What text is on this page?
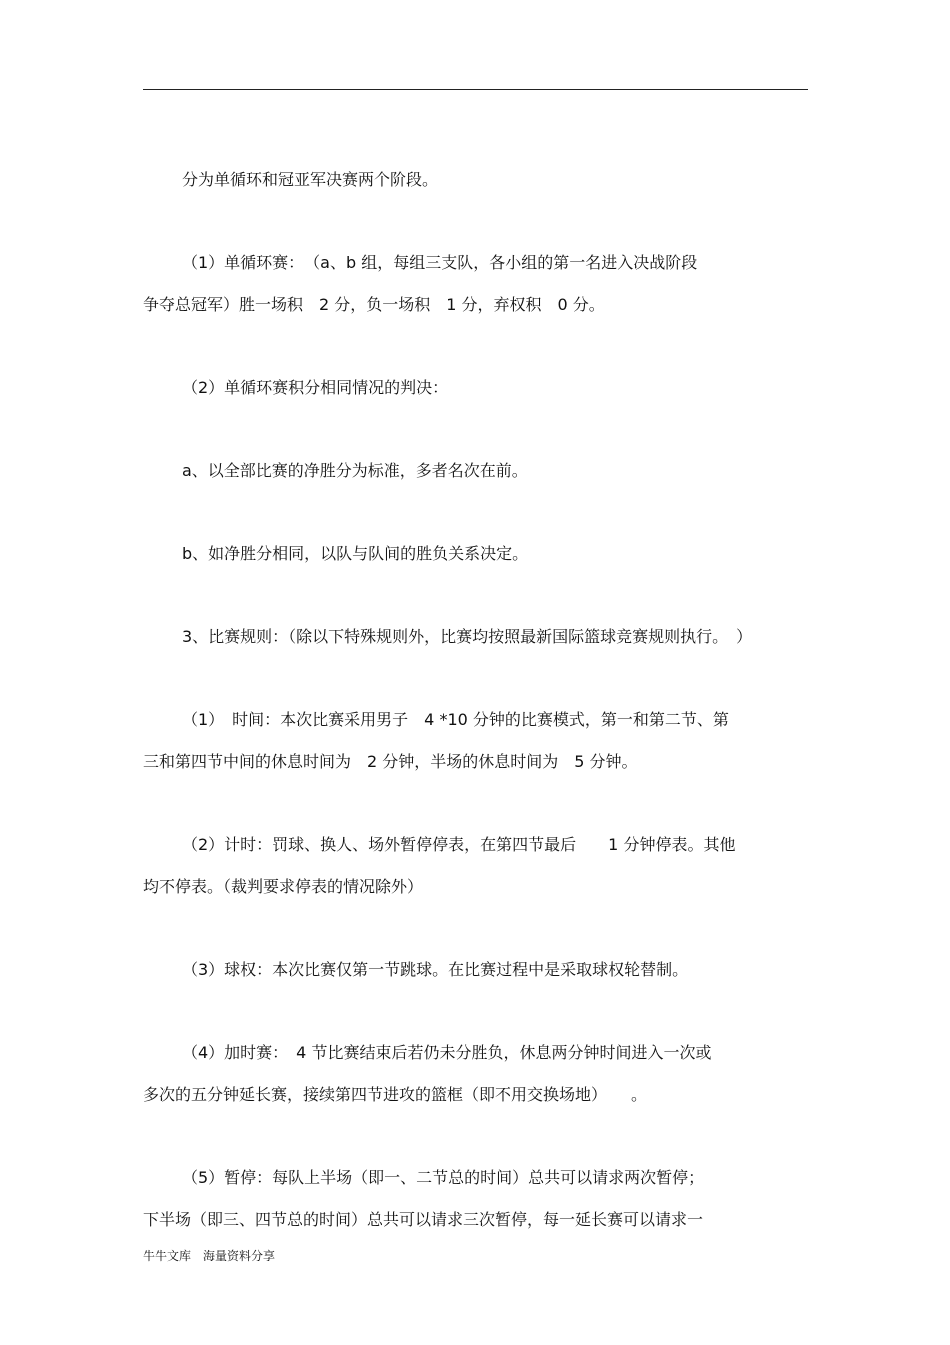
分为单循环和冠亚军决赛两个阶段。
（1）单循环赛：　（a、b 组，每组三支队，各小组的第一名进入决战阶段
争夺总冠军）胜一场积　2 分，负一场积　1 分，弃权积　0 分。
（2）单循环赛积分相同情况的判决：
a、以全部比赛的净胜分为标准，多者名次在前。
b、如净胜分相同，以队与队间的胜负关系决定。
3、比赛规则：（除以下特殊规则外，比赛均按照最新国际篮球竞赛规则执行。　）
（1）　时间：本次比赛采用男子　4 *10 分钟的比赛模式，第一和第二节、第
三和第四节中间的休息时间为　2 分钟，半场的休息时间为　5 分钟。
（2）计时：罚球、换人、场外暂停停表，在第四节最后　　1 分钟停表。其他
均不停表。（裁判要求停表的情况除外）
（3）球权：本次比赛仅第一节跳球。在比赛过程中是采取球权轮替制。
（4）加时赛：　4 节比赛结束后若仍未分胜负，休息两分钟时间进入一次或
多次的五分钟延长赛，接续第四节进攻的篮框（即不用交换场地）　　。
（5）暂停：每队上半场（即一、二节总的时间）总共可以请求两次暂停；
下半场（即三、四节总的时间）总共可以请求三次暂停，每一延长赛可以请求一
牛牛文库　海量资料分享
